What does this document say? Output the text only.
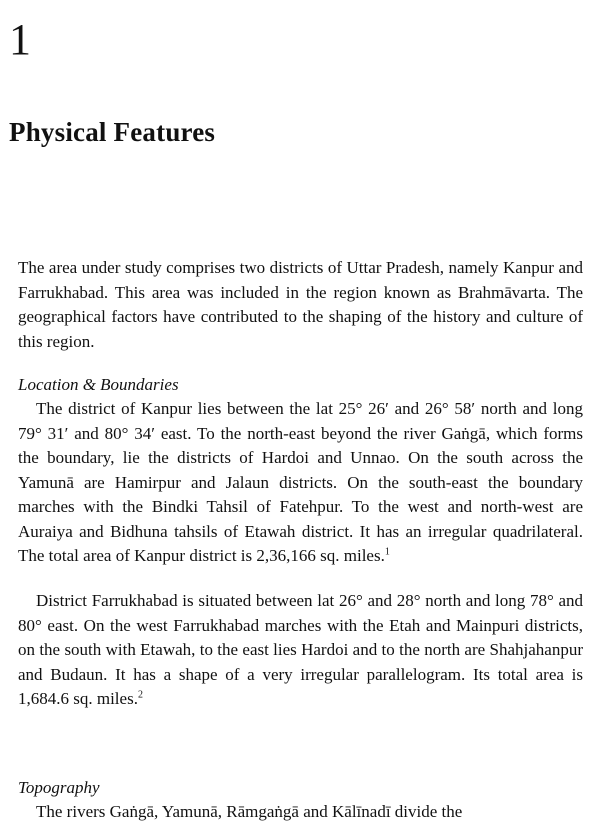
1
Physical Features

The area under study comprises two districts of Uttar Pradesh, namely Kanpur and Farrukhabad. This area was included in the region known as Brahmāvarta. The geographical factors have contributed to the shaping of the history and culture of this region.

Location & Boundaries

The district of Kanpur lies between the lat 25° 26′ and 26° 58′ north and long 79° 31′ and 80° 34′ east. To the north-east beyond the river Gaṅgā, which forms the boundary, lie the districts of Hardoi and Unnao. On the south across the Yamunā are Hamirpur and Jalaun districts. On the south-east the boundary marches with the Bindki Tahsil of Fatehpur. To the west and north-west are Auraiya and Bidhuna tahsils of Etawah district. It has an irregular quadrilateral. The total area of Kanpur district is 2,36,166 sq. miles.$^1$

District Farrukhabad is situated between lat 26° and 28° north and long 78° and 80° east. On the west Farrukhabad marches with the Etah and Mainpuri districts, on the south with Etawah, to the east lies Hardoi and to the north are Shahjahanpur and Budaun. It has a shape of a very irregular parallelogram. Its total area is 1,684.6 sq. miles.$^2$

Topography

The rivers Gaṅgā, Yamunā, Rāmgaṅgā and Kālīnadī divide the
